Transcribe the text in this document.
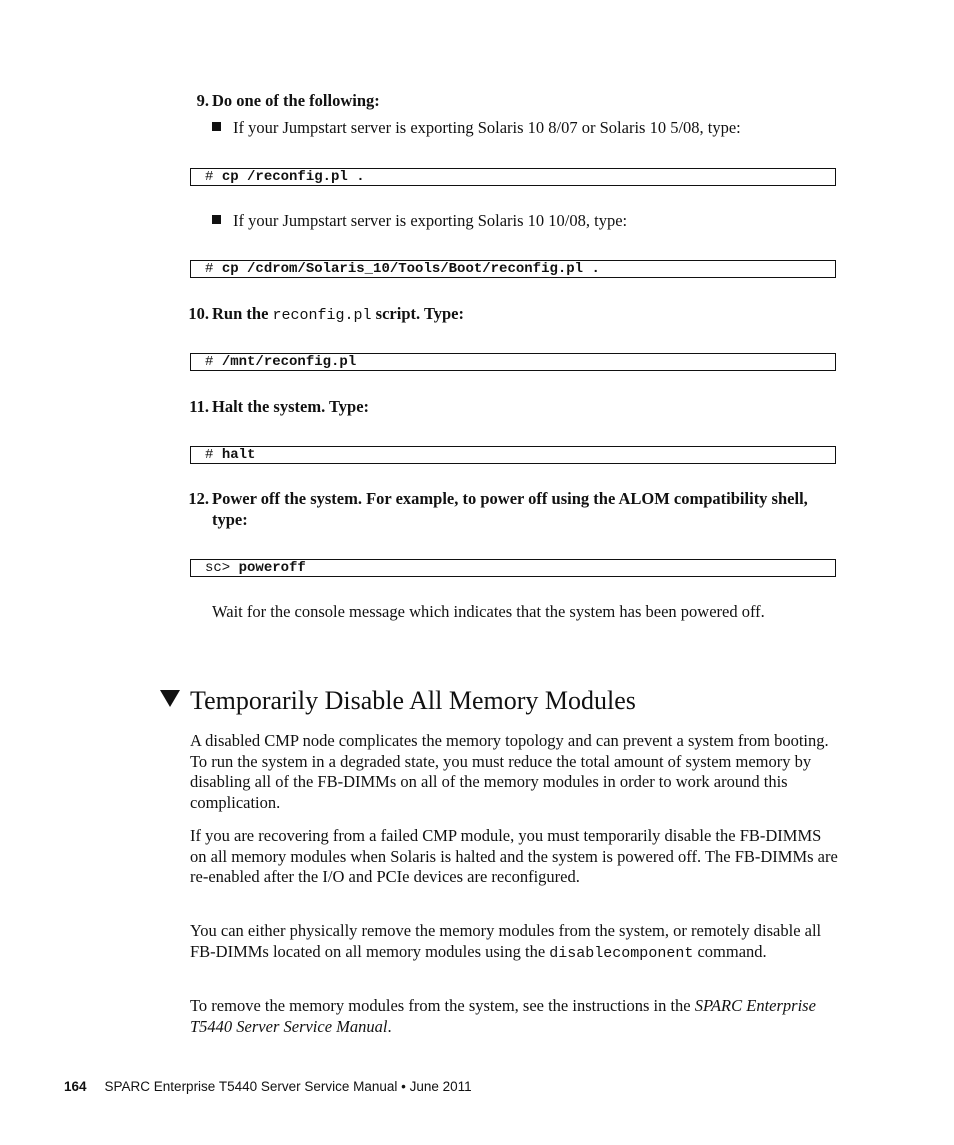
9. Do one of the following:
If your Jumpstart server is exporting Solaris 10 8/07 or Solaris 10 5/08, type:
# cp /reconfig.pl .
If your Jumpstart server is exporting Solaris 10 10/08, type:
# cp /cdrom/Solaris_10/Tools/Boot/reconfig.pl .
10. Run the reconfig.pl script. Type:
# /mnt/reconfig.pl
11. Halt the system. Type:
# halt
12. Power off the system. For example, to power off using the ALOM compatibility shell, type:
sc> poweroff
Wait for the console message which indicates that the system has been powered off.
Temporarily Disable All Memory Modules
A disabled CMP node complicates the memory topology and can prevent a system from booting. To run the system in a degraded state, you must reduce the total amount of system memory by disabling all of the FB-DIMMs on all of the memory modules in order to work around this complication.
If you are recovering from a failed CMP module, you must temporarily disable the FB-DIMMS on all memory modules when Solaris is halted and the system is powered off. The FB-DIMMs are re-enabled after the I/O and PCIe devices are reconfigured.
You can either physically remove the memory modules from the system, or remotely disable all FB-DIMMs located on all memory modules using the disablecomponent command.
To remove the memory modules from the system, see the instructions in the SPARC Enterprise T5440 Server Service Manual.
164 SPARC Enterprise T5440 Server Service Manual • June 2011
